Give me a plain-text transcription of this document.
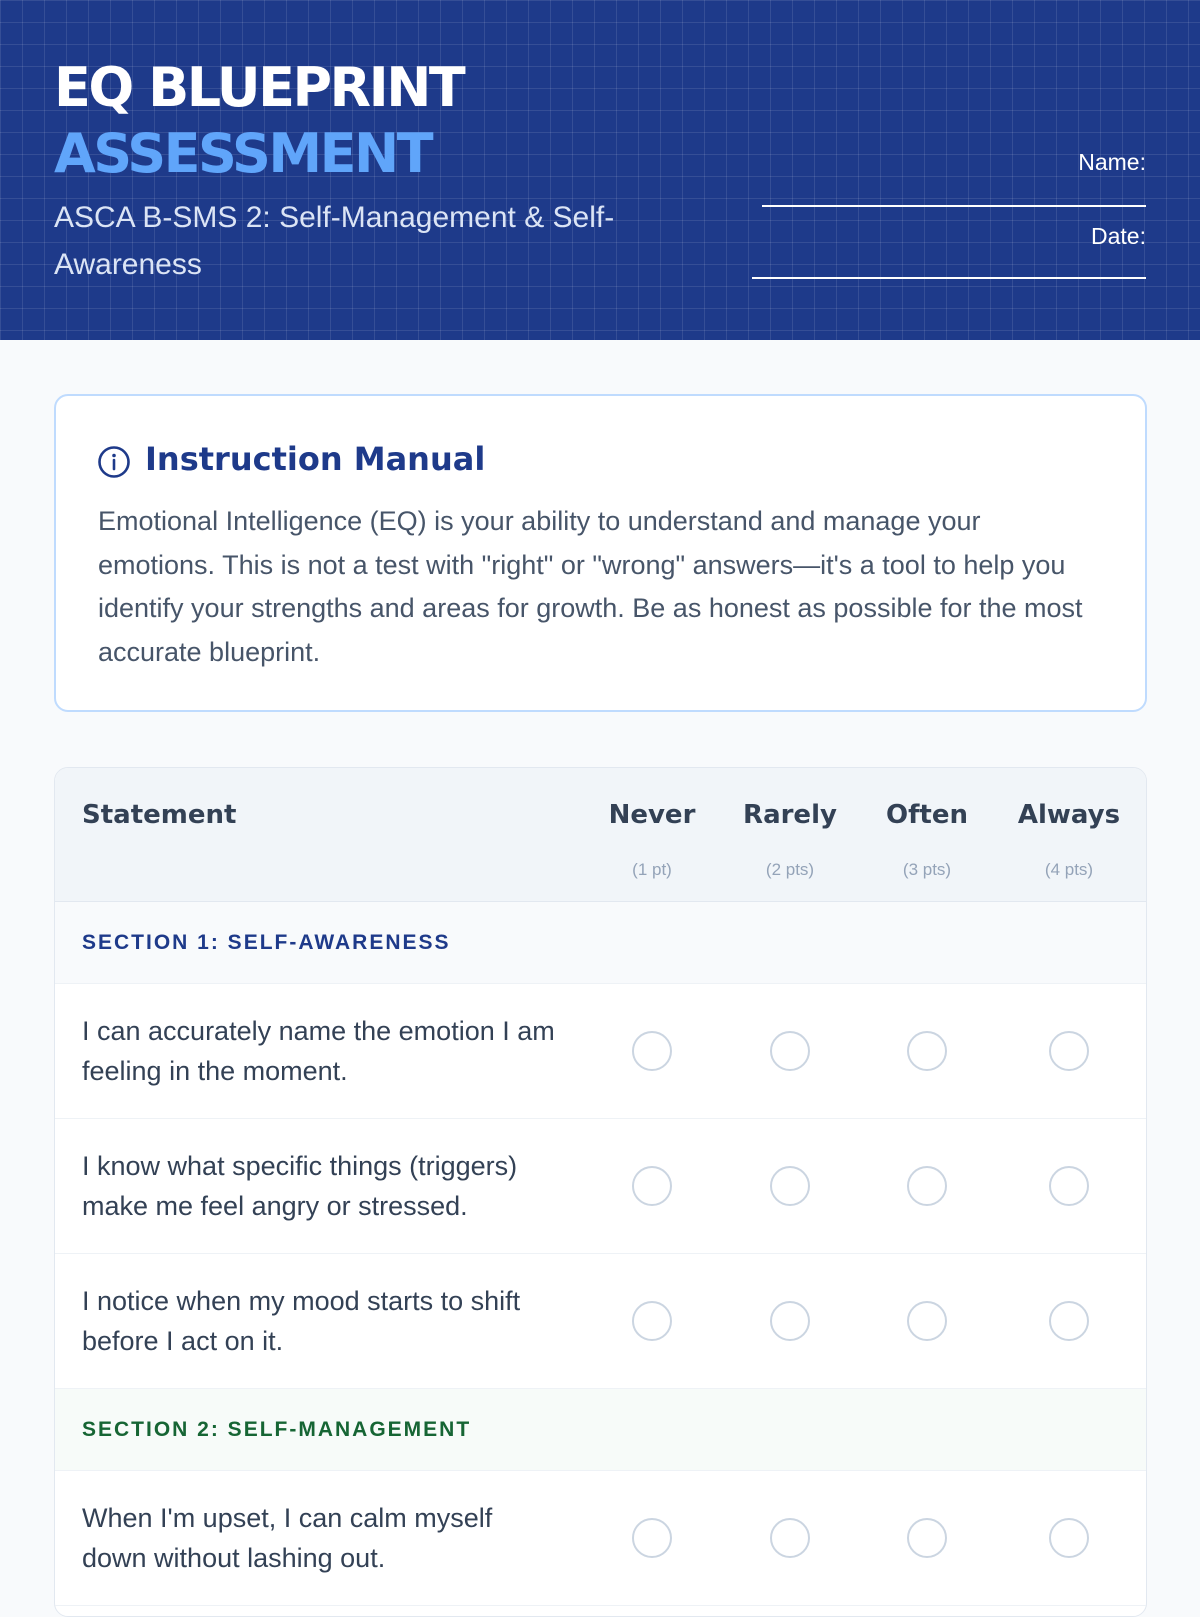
EQ BLUEPRINT
ASSESSMENT
ASCA B-SMS 2: Self-Management & Self-Awareness
Name:
Date:
Instruction Manual
Emotional Intelligence (EQ) is your ability to understand and manage your emotions. This is not a test with "right" or "wrong" answers—it's a tool to help you identify your strengths and areas for growth. Be as honest as possible for the most accurate blueprint.
Statement	Never
(1 pt)
Rarely
(2 pts)
Often
(3 pts)
Always
(4 pts)
SECTION 1: SELF-AWARENESS
I can accurately name the emotion I am feeling in the moment.
I know what specific things (triggers) make me feel angry or stressed.
I notice when my mood starts to shift before I act on it.
SECTION 2: SELF-MANAGEMENT
When I'm upset, I can calm myself down without lashing out.
